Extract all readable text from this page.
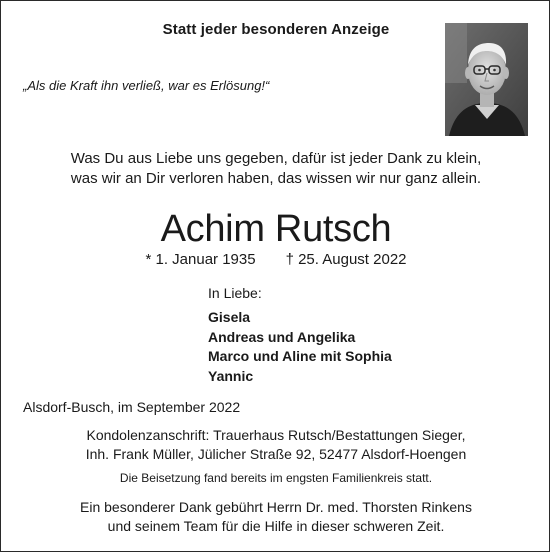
Statt jeder besonderen Anzeige
„Als die Kraft ihn verließ, war es Erlösung!“
Was Du aus Liebe uns gegeben, dafür ist jeder Dank zu klein,
was wir an Dir verloren haben, das wissen wir nur ganz allein.
Achim Rutsch
* 1. Januar 1935 † 25. August 2022
In Liebe:
Gisela
Andreas und Angelika
Marco und Aline mit Sophia
Yannic
Alsdorf-Busch, im September 2022
Kondolenzanschrift: Trauerhaus Rutsch/Bestattungen Sieger,
Inh. Frank Müller, Jülicher Straße 92, 52477 Alsdorf-Hoengen
Die Beisetzung fand bereits im engsten Familienkreis statt.
Ein besonderer Dank gebührt Herrn Dr. med. Thorsten Rinkens
und seinem Team für die Hilfe in dieser schweren Zeit.
